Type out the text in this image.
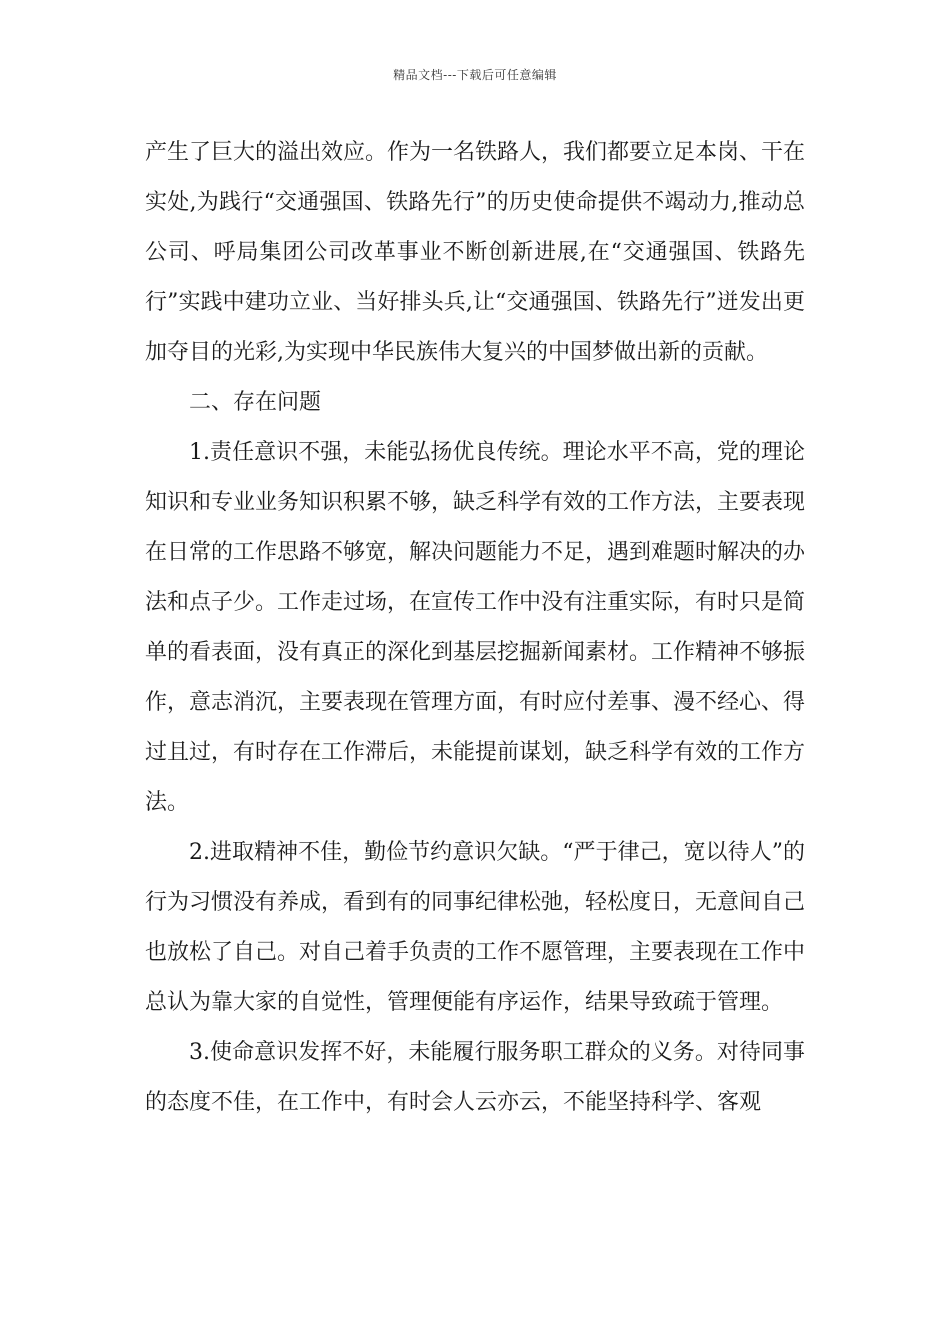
精品文档---下载后可任意编辑

产生了巨大的溢出效应。作为一名铁路人，我们都要立足本岗、干在实处,为践行“交通强国、铁路先行”的历史使命提供不竭动力,推动总公司、呼局集团公司改革事业不断创新进展,在“交通强国、铁路先行”实践中建功立业、当好排头兵,让“交通强国、铁路先行”迸发出更加夺目的光彩,为实现中华民族伟大复兴的中国梦做出新的贡献。

二、存在问题

1.责任意识不强，未能弘扬优良传统。理论水平不高，党的理论知识和专业业务知识积累不够，缺乏科学有效的工作方法，主要表现在日常的工作思路不够宽，解决问题能力不足，遇到难题时解决的办法和点子少。工作走过场，在宣传工作中没有注重实际，有时只是简单的看表面，没有真正的深化到基层挖掘新闻素材。工作精神不够振作，意志消沉，主要表现在管理方面，有时应付差事、漫不经心、得过且过，有时存在工作滞后，未能提前谋划，缺乏科学有效的工作方法。

2.进取精神不佳，勤俭节约意识欠缺。“严于律己，宽以待人”的行为习惯没有养成，看到有的同事纪律松弛，轻松度日，无意间自己也放松了自己。对自己着手负责的工作不愿管理，主要表现在工作中总认为靠大家的自觉性，管理便能有序运作，结果导致疏于管理。

3.使命意识发挥不好，未能履行服务职工群众的义务。对待同事的态度不佳，在工作中，有时会人云亦云，不能坚持科学、客观
